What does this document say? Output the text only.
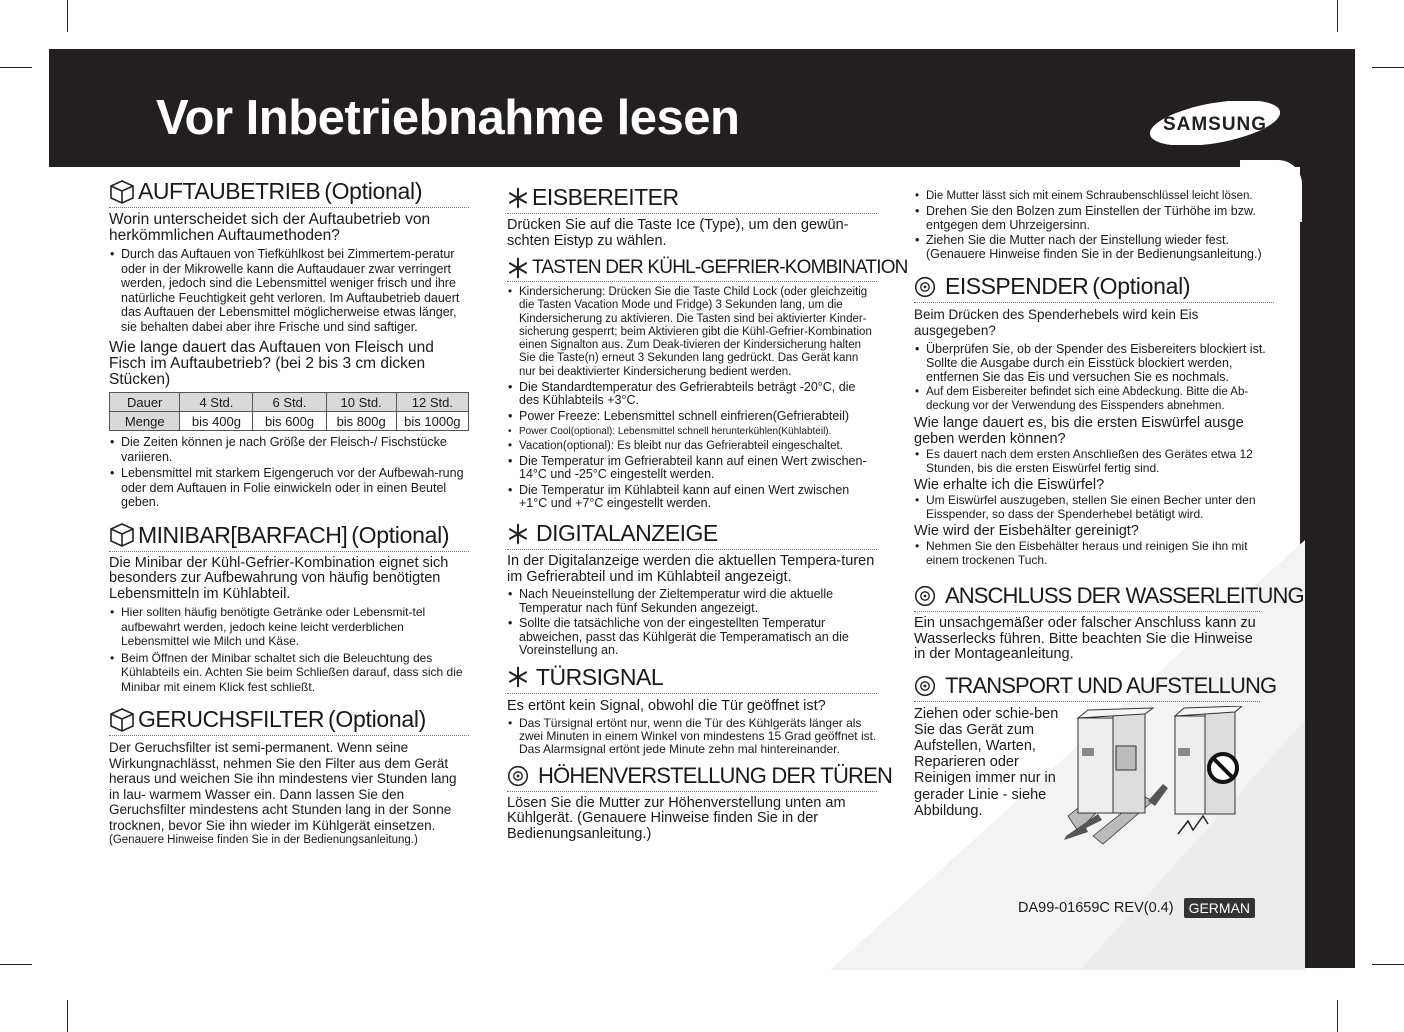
Vor Inbetriebnahme lesen	SAMSUNG
AUFTAUBETRIEB (Optional)
Worin unterscheidet sich der Auftaubetrieb von herkömmlichen Auftaumethoden?
• Durch das Auftauen von Tiefkühlkost bei Zimmertem-peratur oder in der Mikrowelle kann die Auftaudauer zwar verringert werden, jedoch sind die Lebensmittel weniger frisch und ihre natürliche Feuchtigkeit geht verloren. Im Auftaubetrieb dauert das Auftauen der Lebensmittel möglicherweise etwas länger, sie behalten dabei aber ihre Frische und sind saftiger.
Wie lange dauert das Auftauen von Fleisch und Fisch im Auftaubetrieb? (bei 2 bis 3 cm dicken Stücken)
Dauer	4 Std.	6 Std.	10 Std.	12 Std.
Menge	bis 400g	bis 600g	bis 800g	bis 1000g
• Die Zeiten können je nach Größe der Fleisch-/ Fischstücke variieren.
• Lebensmittel mit starkem Eigengeruch vor der Aufbewah-rung oder dem Auftauen in Folie einwickeln oder in einen Beutel geben.
MINIBAR[BARFACH] (Optional)
Die Minibar der Kühl-Gefrier-Kombination eignet sich besonders zur Aufbewahrung von häufig benötigten Lebensmitteln im Kühlabteil.
• Hier sollten häufig benötigte Getränke oder Lebensmit-tel aufbewahrt werden, jedoch keine leicht verderblichen Lebensmittel wie Milch und Käse.
• Beim Öffnen der Minibar schaltet sich die Beleuchtung des Kühlabteils ein. Achten Sie beim Schließen darauf, dass sich die Minibar mit einem Klick fest schließt.
GERUCHSFILTER (Optional)
Der Geruchsfilter ist semi-permanent. Wenn seine Wirkungnachlässt, nehmen Sie den Filter aus dem Gerät heraus und weichen Sie ihn mindestens vier Stunden lang in lau- warmem Wasser ein. Dann lassen Sie den Geruchsfilter mindestens acht Stunden lang in der Sonne trocknen, bevor Sie ihn wieder im Kühlgerät einsetzen.
(Genauere Hinweise finden Sie in der Bedienungsanleitung.)
EISBEREITER
Drücken Sie auf die Taste Ice (Type), um den gewün-schten Eistyp zu wählen.
TASTEN DER KÜHL-GEFRIER-KOMBINATION
• Kindersicherung: Drücken Sie die Taste Child Lock (oder gleichzeitig die Tasten Vacation Mode und Fridge) 3 Sekunden lang, um die Kindersicherung zu aktivieren. Die Tasten sind bei aktivierter Kinder-sicherung gesperrt; beim Aktivieren gibt die Kühl-Gefrier-Kombination einen Signalton aus. Zum Deak-tivieren der Kindersicherung halten Sie die Taste(n) erneut 3 Sekunden lang gedrückt. Das Gerät kann nur bei deaktivierter Kindersicherung bedient werden.
• Die Standardtemperatur des Gefrierabteils beträgt -20°C, die des Kühlabteils +3°C.
• Power Freeze: Lebensmittel schnell einfrieren(Gefrierabteil)
• Power Cool(optional): Lebensmittel schnell herunterkühlen(Kühlabteil).
• Vacation(optional): Es bleibt nur das Gefrierabteil eingeschaltet.
• Die Temperatur im Gefrierabteil kann auf einen Wert zwischen-14°C und -25°C eingestellt werden.
• Die Temperatur im Kühlabteil kann auf einen Wert zwischen +1°C und +7°C eingestellt werden.
DIGITALANZEIGE
In der Digitalanzeige werden die aktuellen Tempera-turen im Gefrierabteil und im Kühlabteil angezeigt.
• Nach Neueinstellung der Zieltemperatur wird die aktuelle Temperatur nach fünf Sekunden angezeigt.
• Sollte die tatsächliche von der eingestellten Temperatur abweichen, passt das Kühlgerät die Temperamatisch an die Voreinstellung an.
TÜRSIGNAL
Es ertönt kein Signal, obwohl die Tür geöffnet ist?
• Das Türsignal ertönt nur, wenn die Tür des Kühlgeräts länger als zwei Minuten in einem Winkel von mindestens 15 Grad geöffnet ist. Das Alarmsignal ertönt jede Minute zehn mal hintereinander.
HÖHENVERSTELLUNG DER TÜREN
Lösen Sie die Mutter zur Höhenverstellung unten am Kühlgerät. (Genauere Hinweise finden Sie in der Bedienungsanleitung.)
• Die Mutter lässt sich mit einem Schraubenschlüssel leicht lösen.
• Drehen Sie den Bolzen zum Einstellen der Türhöhe im bzw. entgegen dem Uhrzeigersinn.
• Ziehen Sie die Mutter nach der Einstellung wieder fest. (Genauere Hinweise finden Sie in der Bedienungsanleitung.)
EISSPENDER (Optional)
Beim Drücken des Spenderhebels wird kein Eis ausgegeben?
• Überprüfen Sie, ob der Spender des Eisbereiters blockiert ist. Sollte die Ausgabe durch ein Eisstück blockiert werden, entfernen Sie das Eis und versuchen Sie es nochmals.
• Auf dem Eisbereiter befindet sich eine Abdeckung. Bitte die Ab-deckung vor der Verwendung des Eisspenders abnehmen.
Wie lange dauert es, bis die ersten Eiswürfel ausge geben werden können?
• Es dauert nach dem ersten Anschließen des Gerätes etwa 12 Stunden, bis die ersten Eiswürfel fertig sind.
Wie erhalte ich die Eiswürfel?
• Um Eiswürfel auszugeben, stellen Sie einen Becher unter den Eisspender, so dass der Spenderhebel betätigt wird.
Wie wird der Eisbehälter gereinigt?
• Nehmen Sie den Eisbehälter heraus und reinigen Sie ihn mit einem trockenen Tuch.
ANSCHLUSS DER WASSERLEITUNG
Ein unsachgemäßer oder falscher Anschluss kann zu Wasserlecks führen. Bitte beachten Sie die Hinweise in der Montageanleitung.
TRANSPORT UND AUFSTELLUNG
Ziehen oder schie-ben Sie das Gerät zum Aufstellen, Warten, Reparieren oder Reinigen immer nur in gerader Linie - siehe Abbildung.
DA99-01659C REV(0.4)	GERMAN
